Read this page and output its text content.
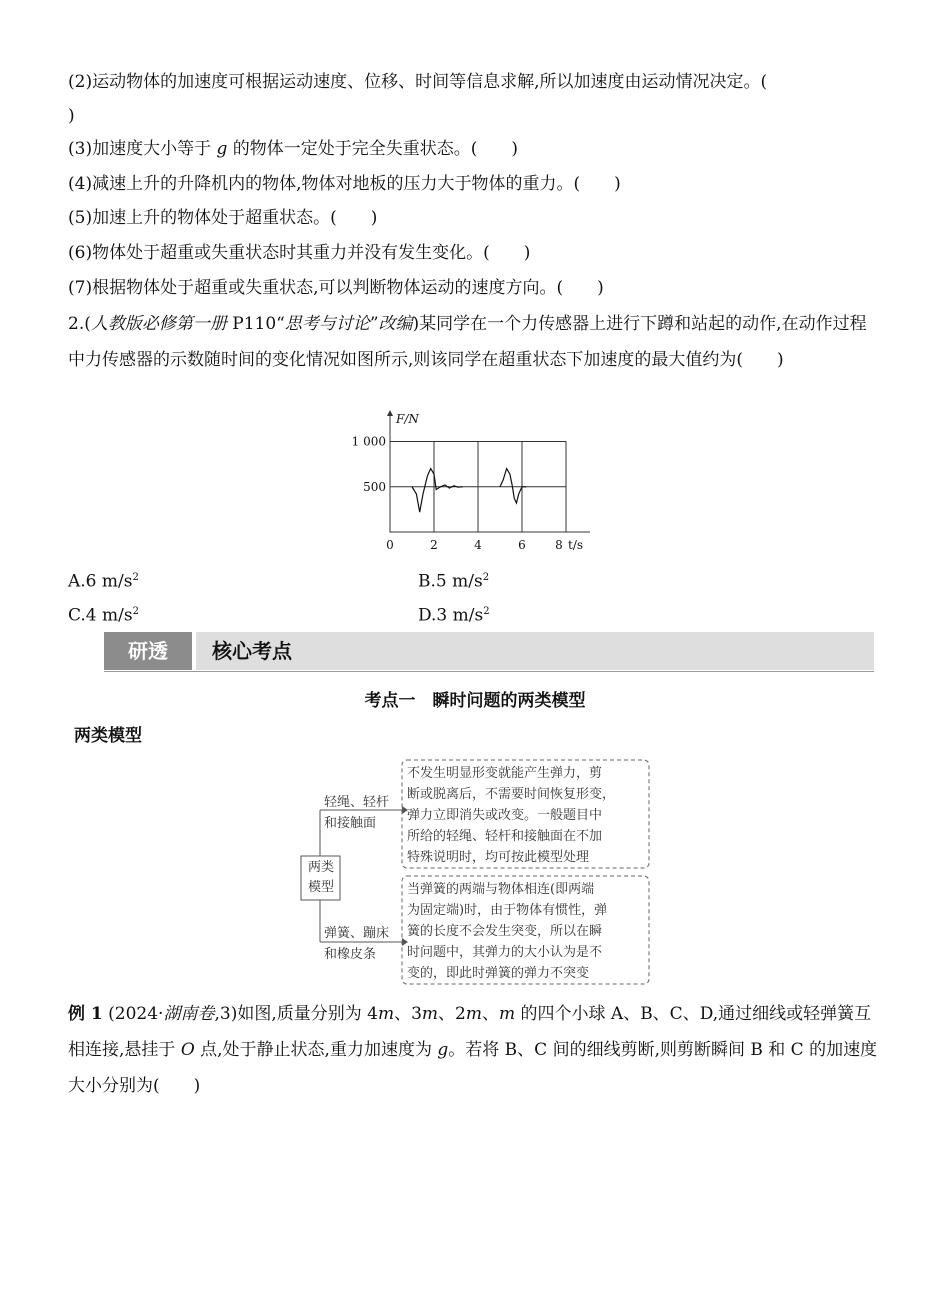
(2)运动物体的加速度可根据运动速度、位移、时间等信息求解,所以加速度由运动情况决定。(
)
(3)加速度大小等于 g 的物体一定处于完全失重状态。( )
(4)减速上升的升降机内的物体,物体对地板的压力大于物体的重力。( )
(5)加速上升的物体处于超重状态。( )
(6)物体处于超重或失重状态时其重力并没有发生变化。( )
(7)根据物体处于超重或失重状态,可以判断物体运动的速度方向。( )
2.(人教版必修第一册 P110“思考与讨论”改编)某同学在一个力传感器上进行下蹲和站起的动作,在动作过程中力传感器的示数随时间的变化情况如图所示,则该同学在超重状态下加速度的最大值约为( )
F/N
t/s
500
1 000
0	2	4	6 8
A.6 $m/s^2$	B.5 $m/s^2$
C.4 $m/s^2$	D.3 $m/s^2$
研透	核心考点
考点一　瞬时问题的两类模型
两类模型
两类
模型
轻绳、轻杆
和接触面
弹簧、蹦床
和橡皮条
不发生明显形变就能产生弹力，剪
断或脱离后，不需要时间恢复形变，
弹力立即消失或改变。一般题目中
所给的轻绳、轻杆和接触面在不加
特殊说明时，均可按此模型处理
当弹簧的两端与物体相连(即两端
为固定端)时，由于物体有惯性，弹
簧的长度不会发生突变，所以在瞬
时问题中，其弹力的大小认为是不
变的，即此时弹簧的弹力不突变
例 1 (2024·湖南卷,3)如图,质量分别为 4m、3m、2m、m 的四个小球 A、B、C、D,通过细线或轻弹簧互相连接,悬挂于 O 点,处于静止状态,重力加速度为 g。若将 B、C 间的细线剪断,则剪断瞬间 B 和 C 的加速度大小分别为( )
